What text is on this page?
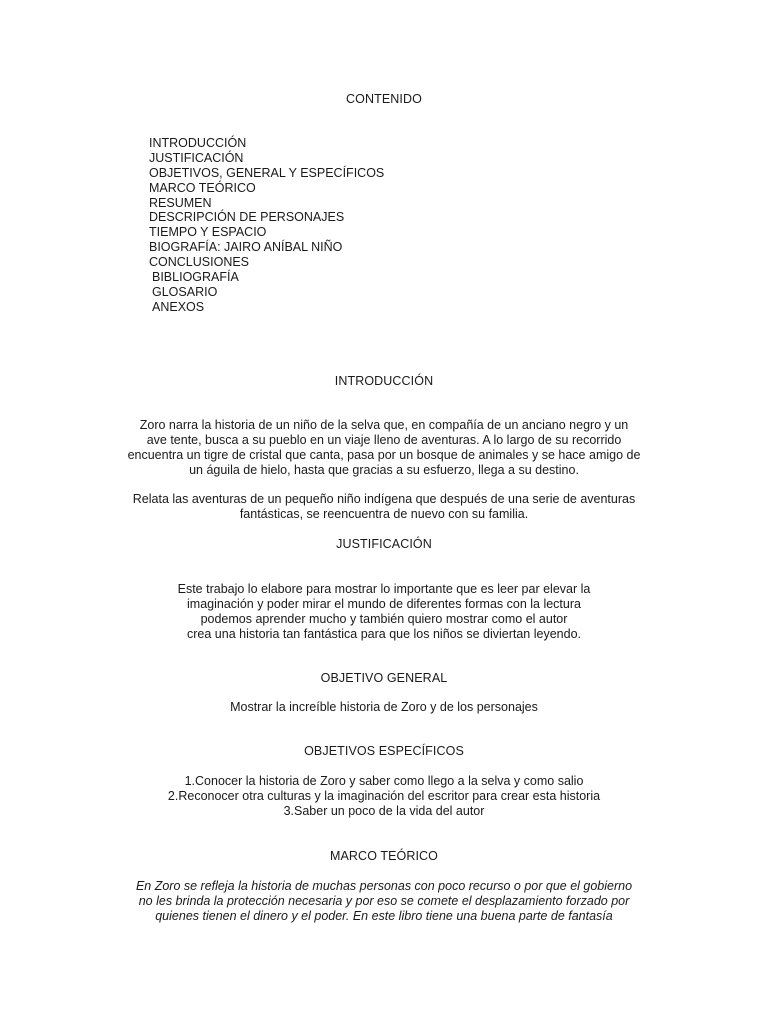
CONTENIDO
INTRODUCCIÓN
JUSTIFICACIÓN
OBJETIVOS, GENERAL Y ESPECÍFICOS
MARCO TEÓRICO
RESUMEN
DESCRIPCIÓN DE PERSONAJES
TIEMPO Y ESPACIO
BIOGRAFÍA: JAIRO ANÍBAL NIÑO
CONCLUSIONES
BIBLIOGRAFÍA
GLOSARIO
ANEXOS
INTRODUCCIÓN

Zoro narra la historia de un niño de la selva que, en compañía de un anciano negro y un
ave tente, busca a su pueblo en un viaje lleno de aventuras. A lo largo de su recorrido
encuentra un tigre de cristal que canta, pasa por un bosque de animales y se hace amigo de
un águila de hielo, hasta que gracias a su esfuerzo, llega a su destino.

Relata las aventuras de un pequeño niño indígena que después de una serie de aventuras
fantásticas, se reencuentra de nuevo con su familia.

JUSTIFICACIÓN

Este trabajo lo elabore para mostrar lo importante que es leer par elevar la
imaginación y poder mirar el mundo de diferentes formas con la lectura
podemos aprender mucho y también quiero mostrar como el autor
crea una historia tan fantástica para que los niños se diviertan leyendo.

OBJETIVO GENERAL

Mostrar la increíble historia de Zoro y de los personajes

OBJETIVOS ESPECÍFICOS

1.Conocer la historia de Zoro y saber como llego a la selva y como salio
2.Reconocer otra culturas y la imaginación del escritor para crear esta historia
3.Saber un poco de la vida del autor

MARCO TEÓRICO

En Zoro se refleja la historia de muchas personas con poco recurso o por que el gobierno
no les brinda la protección necesaria y por eso se comete el desplazamiento forzado por
quienes tienen el dinero y el poder. En este libro tiene una buena parte de fantasía
